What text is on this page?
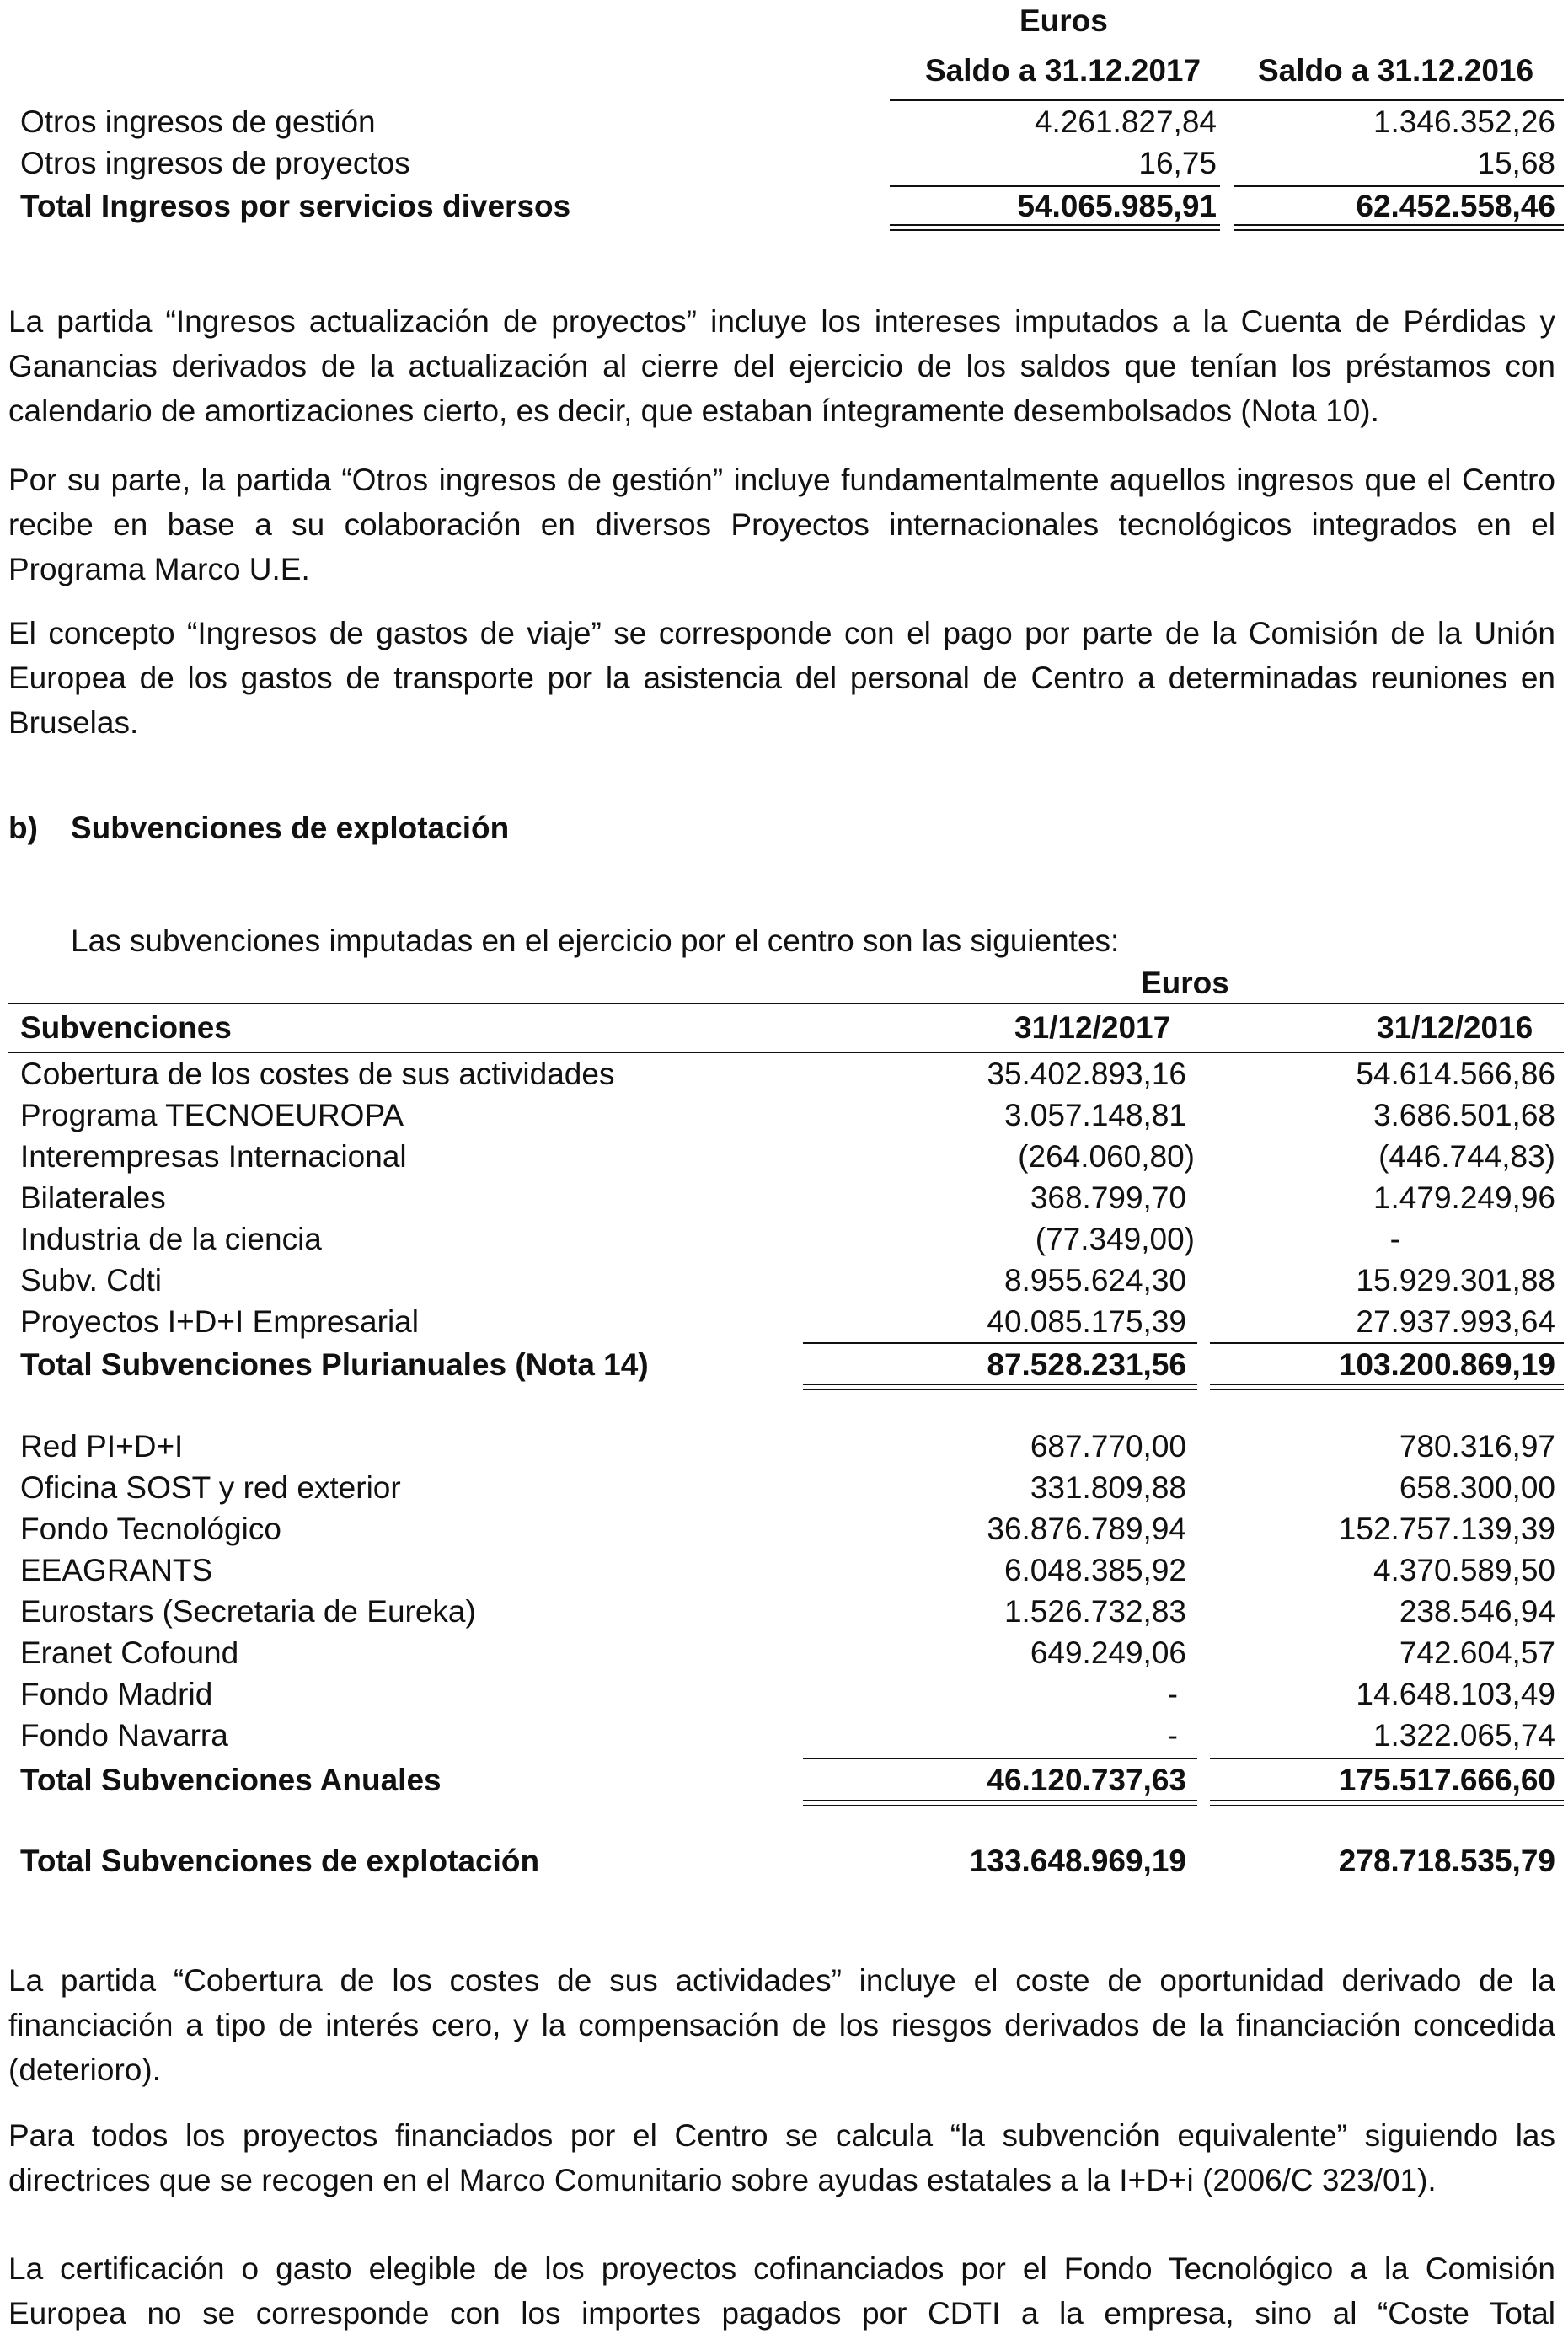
Euros
Saldo a 31.12.2017 Saldo a 31.12.2016
Otros ingresos de gestión	4.261.827,84	1.346.352,26
Otros ingresos de proyectos	16,75	15,68
Total Ingresos por servicios diversos	54.065.985,91	62.452.558,46
La partida “Ingresos actualización de proyectos” incluye los intereses imputados a la Cuenta de Pérdidas y Ganancias derivados de la actualización al cierre del ejercicio de los saldos que tenían los préstamos con calendario de amortizaciones cierto, es decir, que estaban íntegramente desembolsados (Nota 10).
Por su parte, la partida “Otros ingresos de gestión” incluye fundamentalmente aquellos ingresos que el Centro recibe en base a su colaboración en diversos Proyectos internacionales tecnológicos integrados en el Programa Marco U.E.
El concepto “Ingresos de gastos de viaje” se corresponde con el pago por parte de la Comisión de la Unión Europea de los gastos de transporte por la asistencia del personal de Centro a determinadas reuniones en Bruselas.
b) Subvenciones de explotación
Las subvenciones imputadas en el ejercicio por el centro son las siguientes:
Euros
Subvenciones	31/12/2017	31/12/2016
Cobertura de los costes de sus actividades	35.402.893,16	54.614.566,86
Programa TECNOEUROPA	3.057.148,81	3.686.501,68
Interempresas Internacional	(264.060,80)	(446.744,83)
Bilaterales	368.799,70	1.479.249,96
Industria de la ciencia	(77.349,00)	-
Subv. Cdti	8.955.624,30	15.929.301,88
Proyectos I+D+I Empresarial	40.085.175,39	27.937.993,64
Total Subvenciones Plurianuales (Nota 14)	87.528.231,56	103.200.869,19
Red PI+D+I	687.770,00	780.316,97
Oficina SOST y red exterior	331.809,88	658.300,00
Fondo Tecnológico	36.876.789,94	152.757.139,39
EEAGRANTS	6.048.385,92	4.370.589,50
Eurostars (Secretaria de Eureka)	1.526.732,83	238.546,94
Eranet Cofound	649.249,06	742.604,57
Fondo Madrid	-	14.648.103,49
Fondo Navarra	-	1.322.065,74
Total Subvenciones Anuales	46.120.737,63	175.517.666,60
Total Subvenciones de explotación	133.648.969,19	278.718.535,79
La partida “Cobertura de los costes de sus actividades” incluye el coste de oportunidad derivado de la financiación a tipo de interés cero, y la compensación de los riesgos derivados de la financiación concedida (deterioro).
Para todos los proyectos financiados por el Centro se calcula “la subvención equivalente” siguiendo las directrices que se recogen en el Marco Comunitario sobre ayudas estatales a la I+D+i (2006/C 323/01).
La certificación o gasto elegible de los proyectos cofinanciados por el Fondo Tecnológico a la Comisión Europea no se corresponde con los importes pagados por CDTI a la empresa, sino al “Coste Total
